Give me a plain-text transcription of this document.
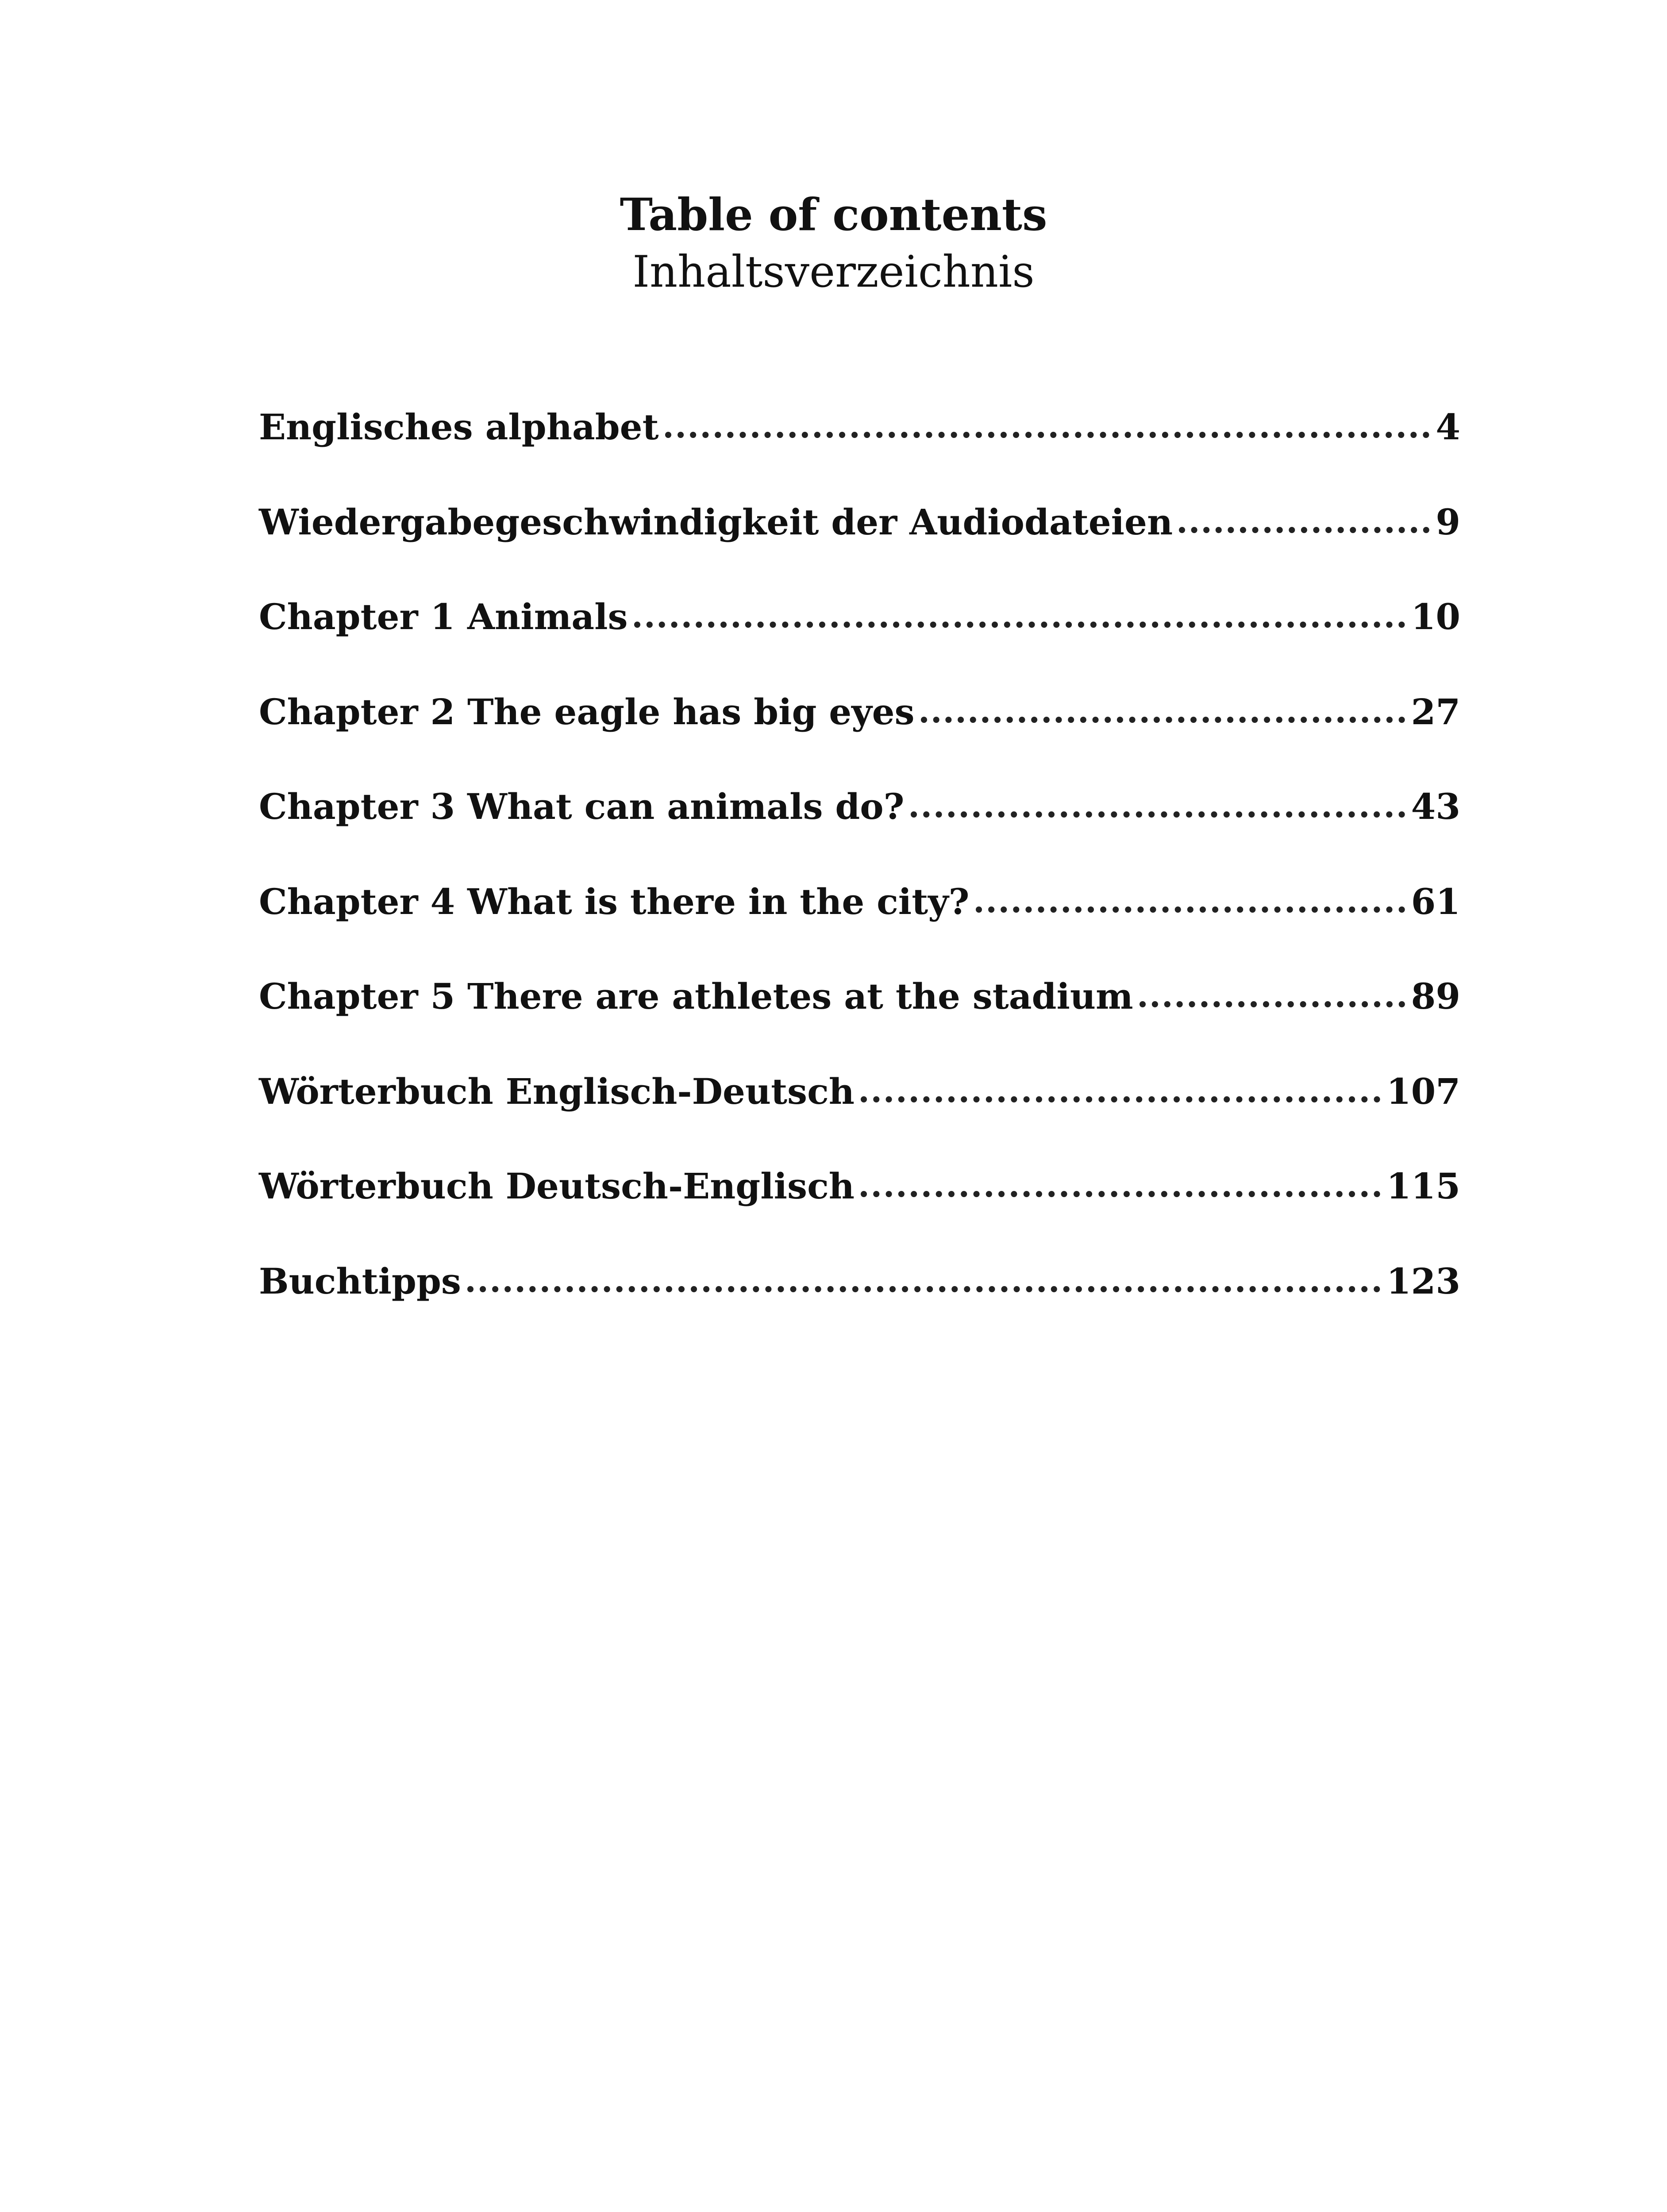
Table of contents
Inhaltsverzeichnis
Englisches alphabet	4
Wiedergabegeschwindigkeit der Audiodateien	9
Chapter 1 Animals	10
Chapter 2 The eagle has big eyes	27
Chapter 3 What can animals do?	43
Chapter 4 What is there in the city?	61
Chapter 5 There are athletes at the stadium	89
Wörterbuch Englisch-Deutsch	107
Wörterbuch Deutsch-Englisch	115
Buchtipps	123
